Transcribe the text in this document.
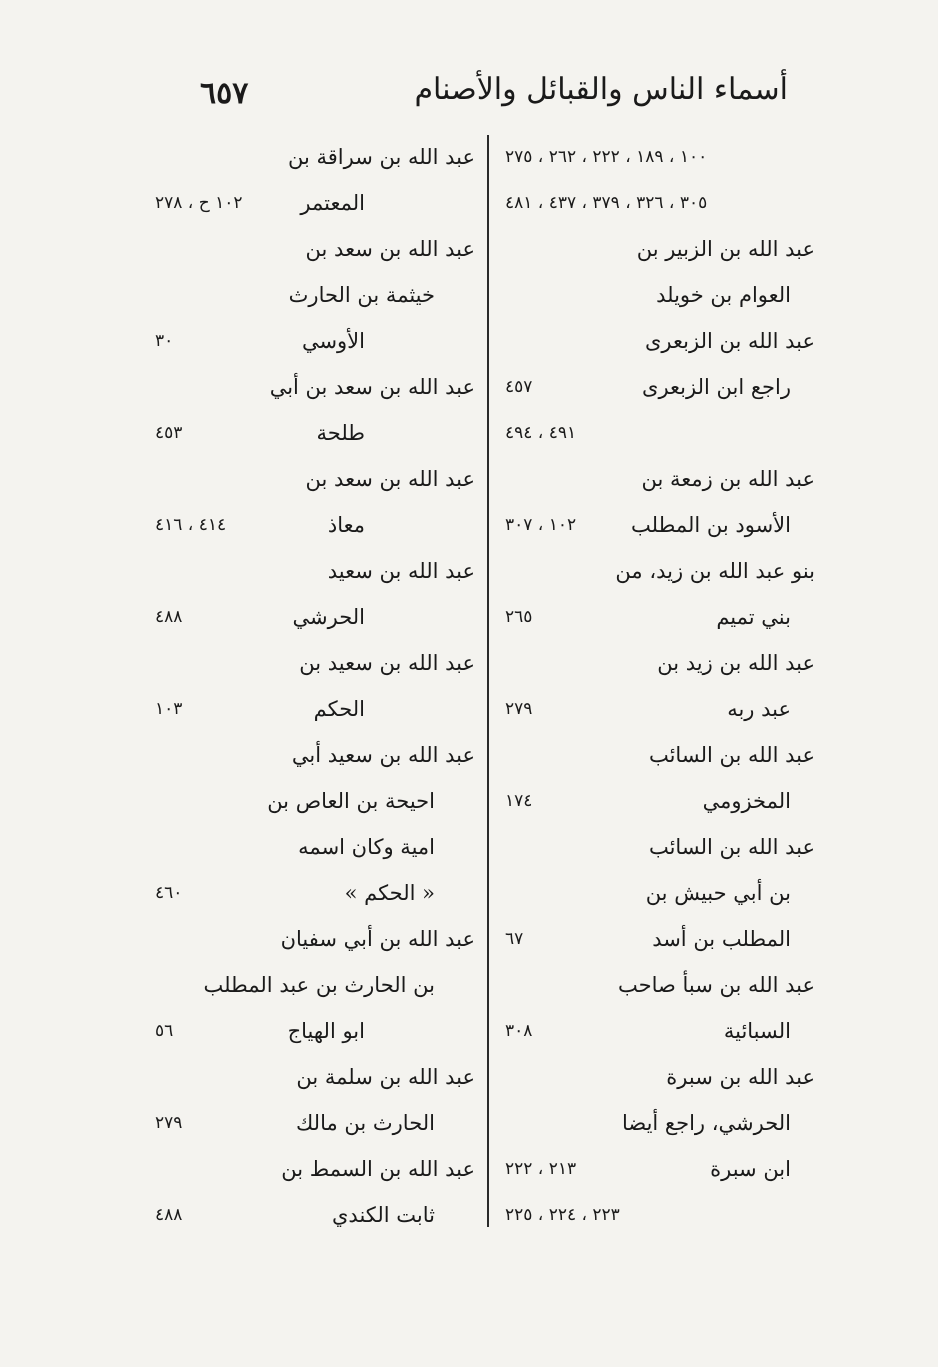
أسماء الناس والقبائل والأصنام
٦٥٧
١٠٠ ، ١٨٩ ، ٢٢٢ ، ٢٦٢ ، ٢٧٥
٣٠٥ ، ٣٢٦ ، ٣٧٩ ، ٤٣٧ ، ٤٨١
عبد الله بن الزبير بن
العوام بن خويلد
عبد الله بن الزبعرى
راجع ابن الزبعرى
٤٥٧
٤٩١ ، ٤٩٤
عبد الله بن زمعة بن
الأسود بن المطلب
١٠٢ ، ٣٠٧
بنو عبد الله بن زيد، من
بني تميم
٢٦٥
عبد الله بن زيد بن
عبد ربه
٢٧٩
عبد الله بن السائب
المخزومي
١٧٤
عبد الله بن السائب
بن أبي حبيش بن
المطلب بن أسد
٦٧
عبد الله بن سبأ صاحب
السبائية
٣٠٨
عبد الله بن سبرة
الحرشي، راجع أيضا
ابن سبرة
٢١٣ ، ٢٢٢
٢٢٣ ، ٢٢٤ ، ٢٢٥
عبد الله بن سراقة بن
المعتمر
١٠٢ ح ، ٢٧٨
عبد الله بن سعد بن
خيثمة بن الحارث
الأوسي
٣٠
عبد الله بن سعد بن أبي
طلحة
٤٥٣
عبد الله بن سعد بن
معاذ
٤١٤ ، ٤١٦
عبد الله بن سعيد
الحرشي
٤٨٨
عبد الله بن سعيد بن
الحكم
١٠٣
عبد الله بن سعيد أبي
احيحة بن العاص بن
امية وكان اسمه
« الحكم »
٤٦٠
عبد الله بن أبي سفيان
بن الحارث بن عبد المطلب
ابو الهياج
٥٦
عبد الله بن سلمة بن
الحارث بن مالك
٢٧٩
عبد الله بن السمط بن
ثابت الكندي
٤٨٨
